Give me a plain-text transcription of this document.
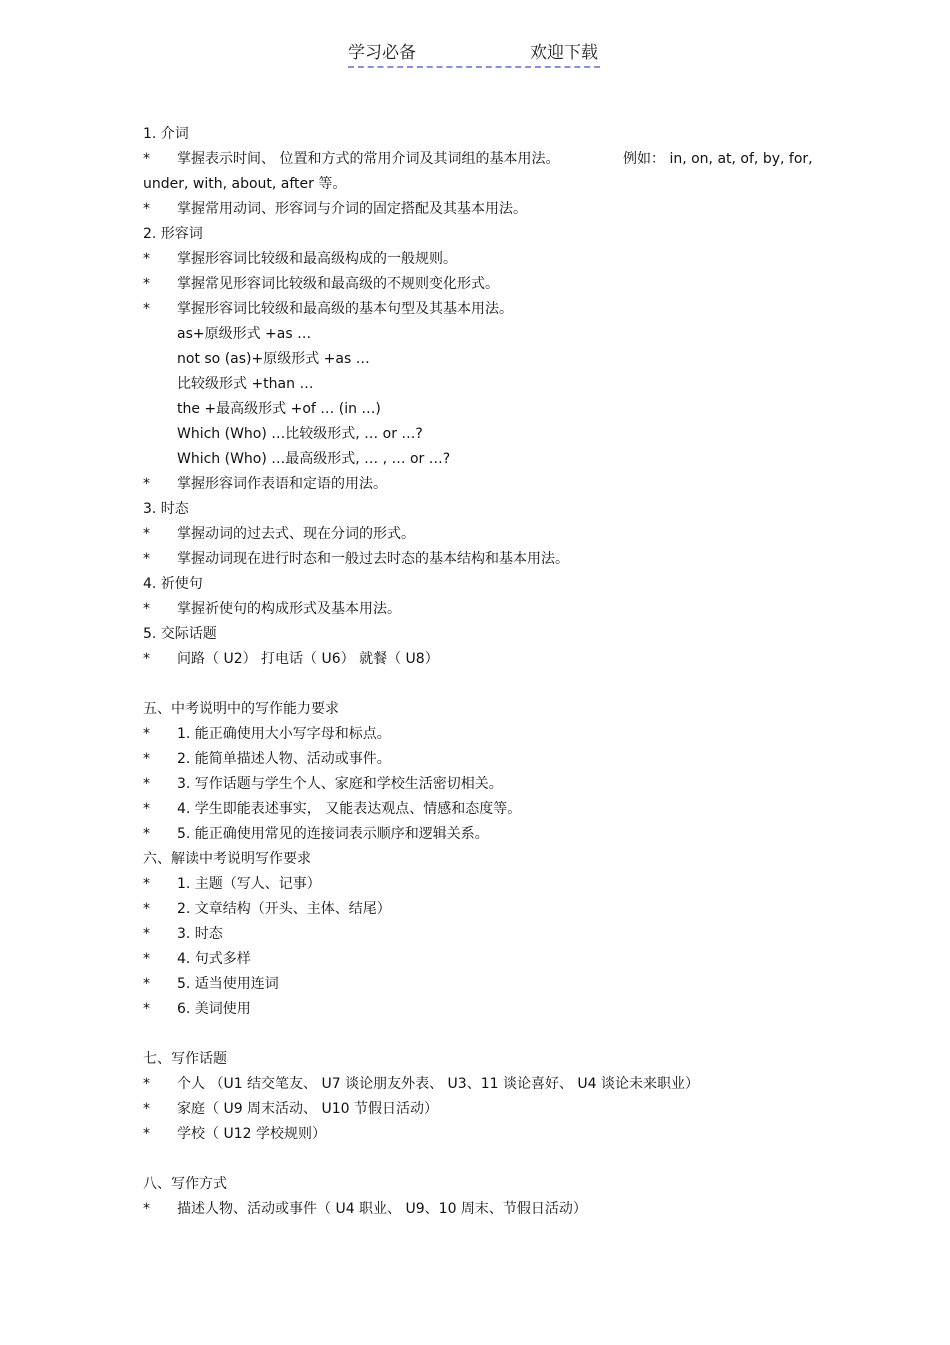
学习必备	欢迎下载
1. 介词
* 掌握表示时间、 位置和方式的常用介词及其词组的基本用法。	例如： in, on, at, of, by, for,
under, with, about, after 等。
* 掌握常用动词、形容词与介词的固定搭配及其基本用法。
2. 形容词
* 掌握形容词比较级和最高级构成的一般规则。
* 掌握常见形容词比较级和最高级的不规则变化形式。
* 掌握形容词比较级和最高级的基本句型及其基本用法。
as+原级形式 +as …
not so (as)+原级形式 +as …
比较级形式 +than …
the +最高级形式 +of … (in …)
Which (Who) …比较级形式, … or …?
Which (Who) …最高级形式, … , … or …?
* 掌握形容词作表语和定语的用法。
3. 时态
* 掌握动词的过去式、现在分词的形式。
* 掌握动词现在进行时态和一般过去时态的基本结构和基本用法。
4. 祈使句
* 掌握祈使句的构成形式及基本用法。
5. 交际话题
* 问路（ U2） 打电话（ U6） 就餐（ U8）
五、中考说明中的写作能力要求
* 1. 能正确使用大小写字母和标点。
* 2. 能简单描述人物、活动或事件。
* 3. 写作话题与学生个人、家庭和学校生活密切相关。
* 4. 学生即能表述事实， 又能表达观点、情感和态度等。
* 5. 能正确使用常见的连接词表示顺序和逻辑关系。
六、解读中考说明写作要求
* 1. 主题（写人、记事）
* 2. 文章结构（开头、主体、结尾）
* 3. 时态
* 4. 句式多样
* 5. 适当使用连词
* 6. 美词使用
七、写作话题
* 个人 （U1 结交笔友、 U7 谈论朋友外表、 U3、11 谈论喜好、 U4 谈论未来职业）
* 家庭（ U9 周末活动、 U10 节假日活动）
* 学校（ U12 学校规则）
八、写作方式
* 描述人物、活动或事件（ U4 职业、 U9、10 周末、节假日活动）
